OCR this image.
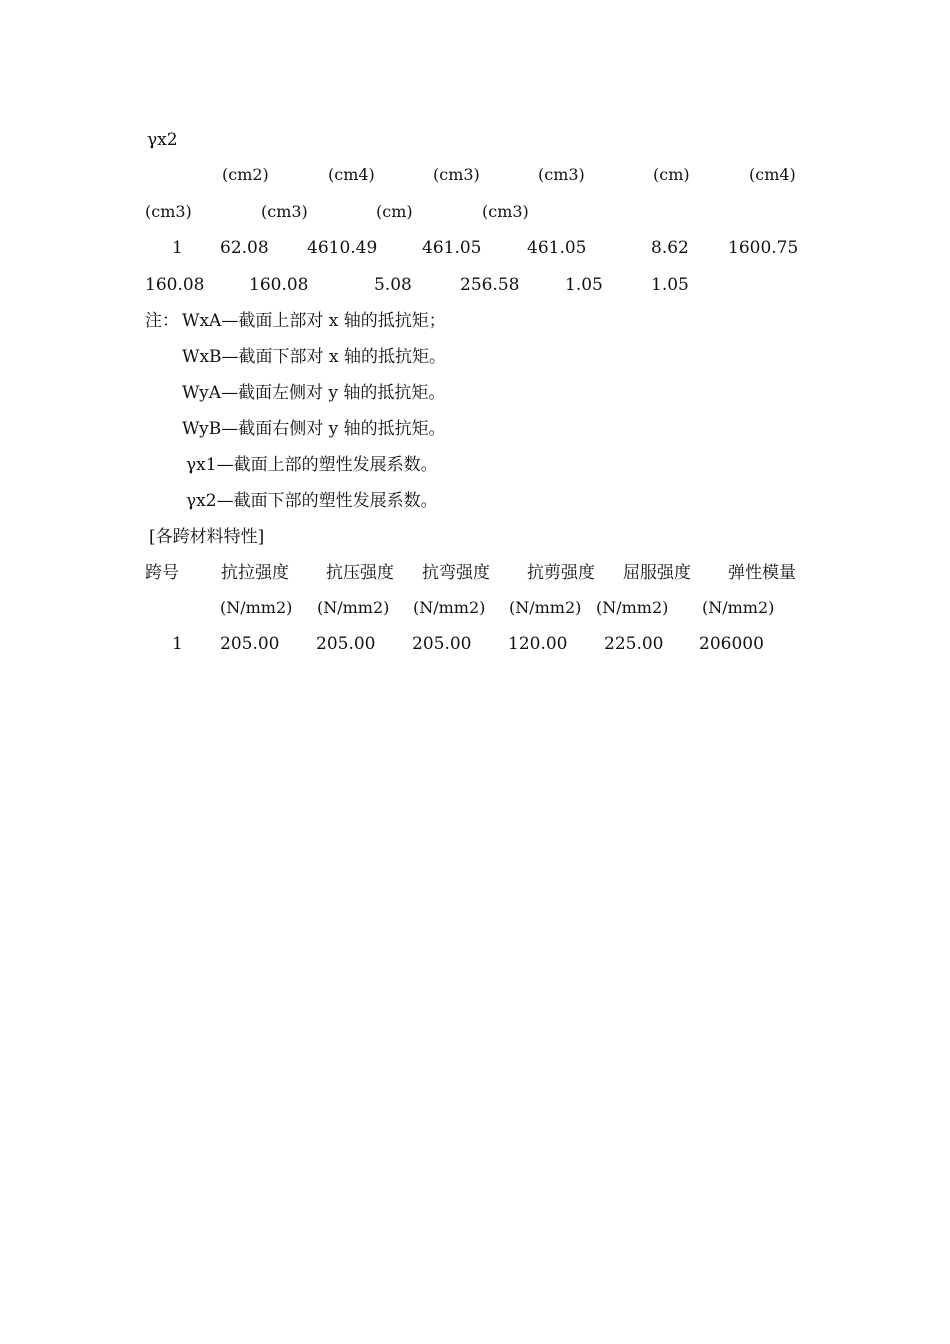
γx2
(cm2)	(cm4)	(cm3)	(cm3)	(cm)	(cm4)
(cm3)	(cm3)	(cm)	(cm3)
1 62.08 4610.49	461.05	461.05	8.62 1600.75
160.08	160.08	5.08	256.58	1.05	1.05
注： WxA—截面上部对 x 轴的抵抗矩；
WxB—截面下部对 x 轴的抵抗矩。
WyA—截面左侧对 y 轴的抵抗矩。
WyB—截面右侧对 y 轴的抵抗矩。
γx1—截面上部的塑性发展系数。
γx2—截面下部的塑性发展系数。
[各跨材料特性]
跨号 抗拉强度 抗压强度 抗弯强度 抗剪强度 屈服强度 弹性模量
(N/mm2) (N/mm2) (N/mm2) (N/mm2) (N/mm2) (N/mm2)
1 205.00 205.00 205.00 120.00 225.00 206000
